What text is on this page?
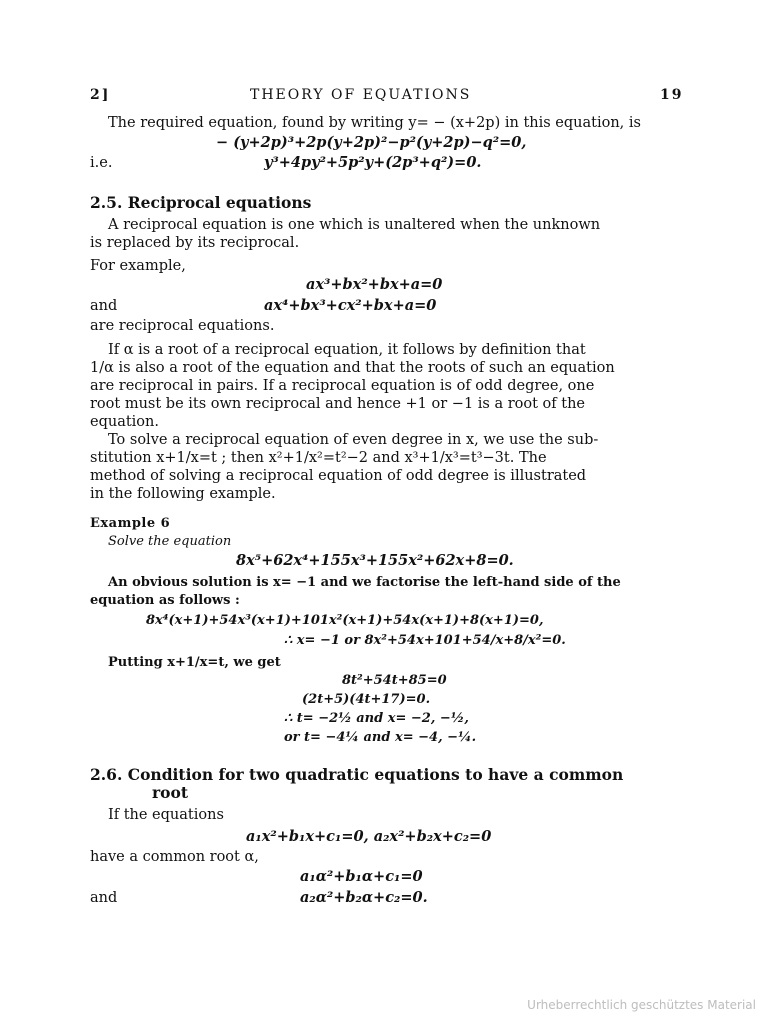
2]	THEORY OF EQUATIONS	19
The required equation, found by writing y= − (x+2p) in this equation, is
− (y+2p)³+2p(y+2p)²−p²(y+2p)−q²=0,
i.e.	y³+4py²+5p²y+(2p³+q²)=0.
2.5. Reciprocal equations
A reciprocal equation is one which is unaltered when the unknown
is replaced by its reciprocal.
For example,
ax³+bx²+bx+a=0
and	ax⁴+bx³+cx²+bx+a=0
are reciprocal equations.
If α is a root of a reciprocal equation, it follows by definition that
1/α is also a root of the equation and that the roots of such an equation
are reciprocal in pairs. If a reciprocal equation is of odd degree, one
root must be its own reciprocal and hence +1 or −1 is a root of the
equation.
To solve a reciprocal equation of even degree in x, we use the sub-
stitution x+1/x=t ; then x²+1/x²=t²−2 and x³+1/x³=t³−3t. The
method of solving a reciprocal equation of odd degree is illustrated
in the following example.
Example 6
Solve the equation
8x⁵+62x⁴+155x³+155x²+62x+8=0.
An obvious solution is x= −1 and we factorise the left-hand side of the
equation as follows :
8x⁴(x+1)+54x³(x+1)+101x²(x+1)+54x(x+1)+8(x+1)=0,
∴ x= −1 or 8x²+54x+101+54/x+8/x²=0.
Putting x+1/x=t, we get
8t²+54t+85=0
(2t+5)(4t+17)=0.
∴ t= −2½ and x= −2, −½,
or t= −4¼ and x= −4, −¼.
2.6. Condition for two quadratic equations to have a common
root
If the equations
a₁x²+b₁x+c₁=0, a₂x²+b₂x+c₂=0
have a common root α,
a₁α²+b₁α+c₁=0
and	a₂α²+b₂α+c₂=0.
Urheberrechtlich geschütztes Material
